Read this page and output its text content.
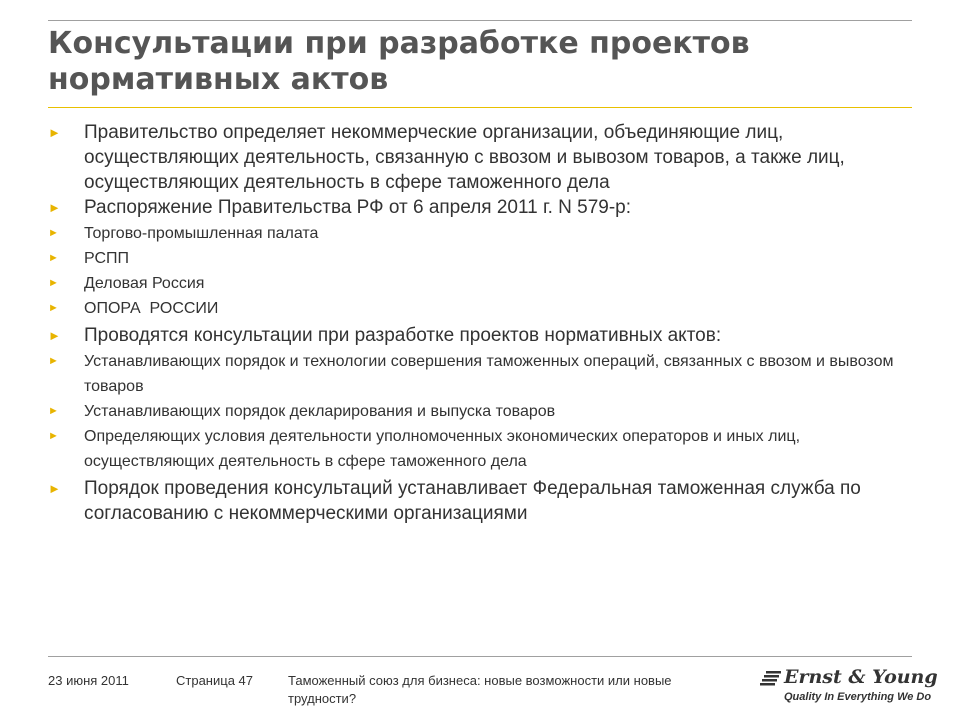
Консультации при разработке проектов нормативных актов
► Правительство определяет некоммерческие организации, объединяющие лиц, осуществляющих деятельность, связанную с ввозом и вывозом товаров, а также лиц, осуществляющих деятельность в сфере таможенного дела
► Распоряжение Правительства РФ от 6 апреля 2011 г. N 579-р:
► Торгово-промышленная палата
► РСПП
► Деловая Россия
► ОПОРА  РОССИИ
► Проводятся консультации при разработке проектов нормативных актов:
► Устанавливающих порядок и технологии совершения таможенных операций, связанных с ввозом и вывозом товаров
► Устанавливающих порядок декларирования и выпуска товаров
► Определяющих условия деятельности уполномоченных экономических операторов и иных лиц, осуществляющих деятельность в сфере таможенного дела
► Порядок проведения консультаций устанавливает Федеральная таможенная служба по согласованию с некоммерческими организациями
23 июня 2011	Страница 47	Таможенный союз для бизнеса: новые возможности или новые трудности?
Ernst & Young
Quality In Everything We Do
